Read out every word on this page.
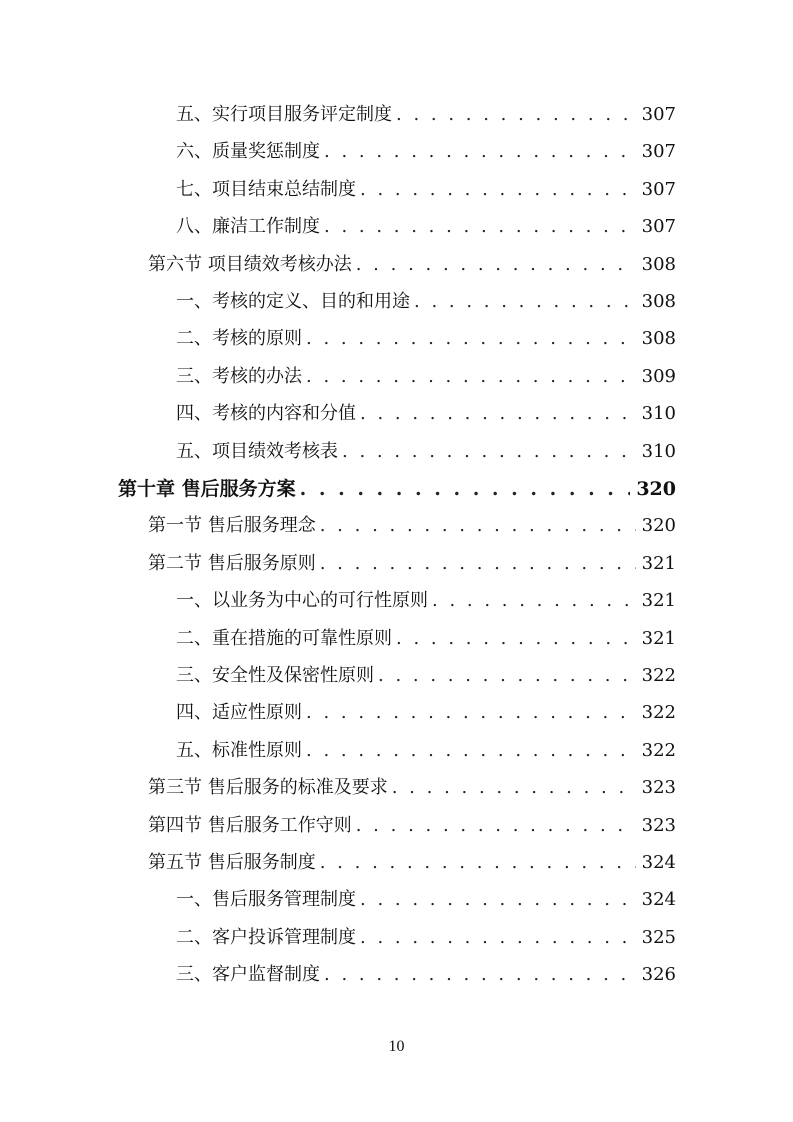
五、实行项目服务评定制度 . . .	307
六、质量奖惩制度 . . .	307
七、项目结束总结制度 . . .	307
八、廉洁工作制度 . . .	307
第六节 项目绩效考核办法 . . .	308
一、考核的定义、目的和用途 . . .	308
二、考核的原则 . . .	308
三、考核的办法 . . .	309
四、考核的内容和分值 . . .	310
五、项目绩效考核表 . . .	310
第十章 售后服务方案 . . .	320
第一节 售后服务理念 . . .	320
第二节 售后服务原则 . . .	321
一、以业务为中心的可行性原则 . . .	321
二、重在措施的可靠性原则 . . .	321
三、安全性及保密性原则 . . .	322
四、适应性原则 . . .	322
五、标准性原则 . . .	322
第三节 售后服务的标准及要求 . . .	323
第四节 售后服务工作守则 . . .	323
第五节 售后服务制度 . . .	324
一、售后服务管理制度 . . .	324
二、客户投诉管理制度 . . .	325
三、客户监督制度 . . .	326
10
